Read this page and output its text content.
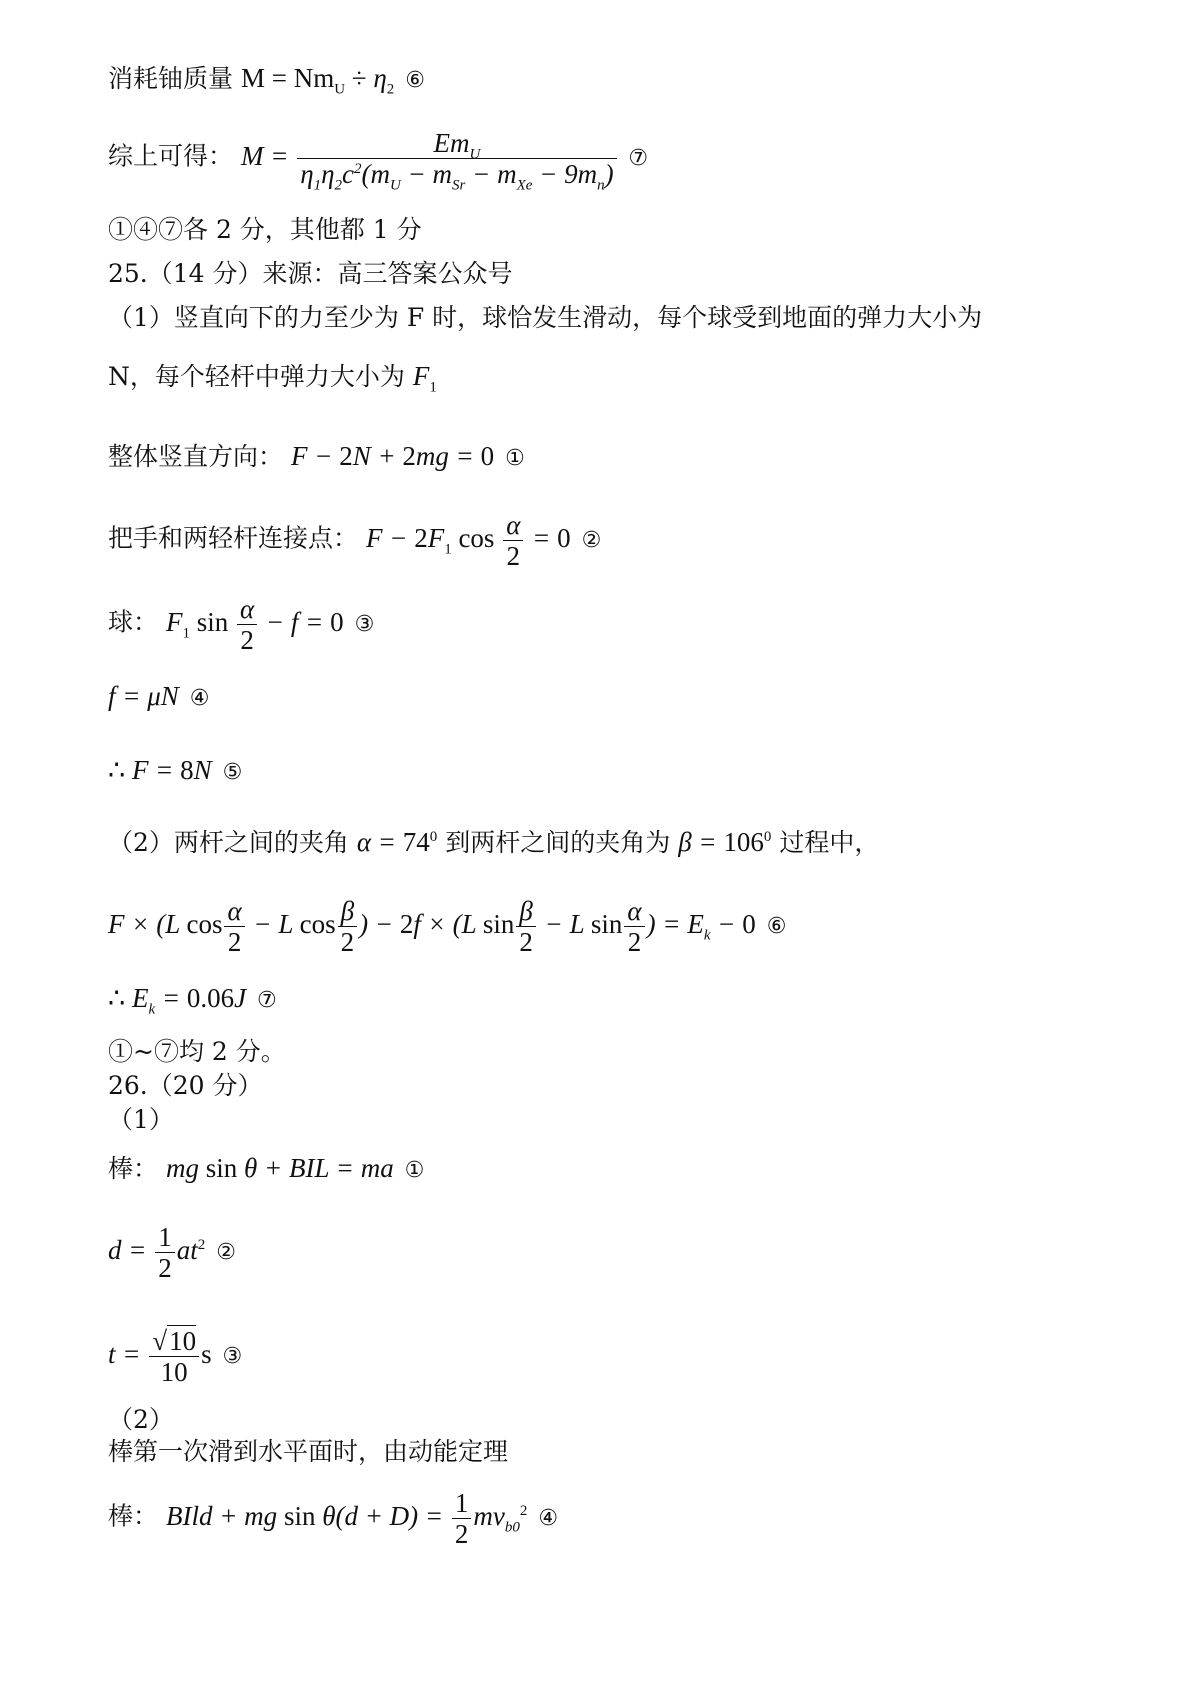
消耗铀质量 $M = Nm_U \div \eta_2$ ⑥
综上可得： $M = \frac{Em_U}{\eta_1\eta_2c^2(m_U - m_{Sr} - m_{Xe} - 9m_n)}$ ⑦
①④⑦各 2 分，其他都 1 分
25.（14 分）来源：高三答案公众号
（1）竖直向下的力至少为 F 时，球恰发生滑动，每个球受到地面的弹力大小为
N，每个轻杆中弹力大小为 $F_1$
整体竖直方向： F − 2N + 2mg = 0 ①
把手和两轻杆连接点： $F - 2F_1$ $\cos \frac{\alpha}{2} = 0$ ②
球： $F_1$ $\sin \frac{\alpha}{2} - f = 0$ ③
f = μN ④
∴ F = 8N ⑤
（2）两杆之间的夹角 $\alpha = 74^0$ 到两杆之间的夹角为 $\beta = 106^0$ 过程中，
F × (L $\cos \frac{\alpha}{2} - L$ $\cos \frac{\beta}{2}$ ) − 2f × (L $\sin \frac{\beta}{2} - L$ $\sin \frac{\alpha}{2}$ ) = $E_k - 0$ ⑥
∴ $E_k = 0.06J$ ⑦
①~⑦均 2 分。
26.（20 分）
（1）
棒： mg sin θ + BIL = ma ①
$d = \frac{1}{2} at^2$ ②
$t = \frac{√10}{10}$ s ③
（2）
棒第一次滑到水平面时，由动能定理
棒： BIld + mg $\sin \theta(d + D) = \frac{1}{2} mv_{b0}^2$ ④
